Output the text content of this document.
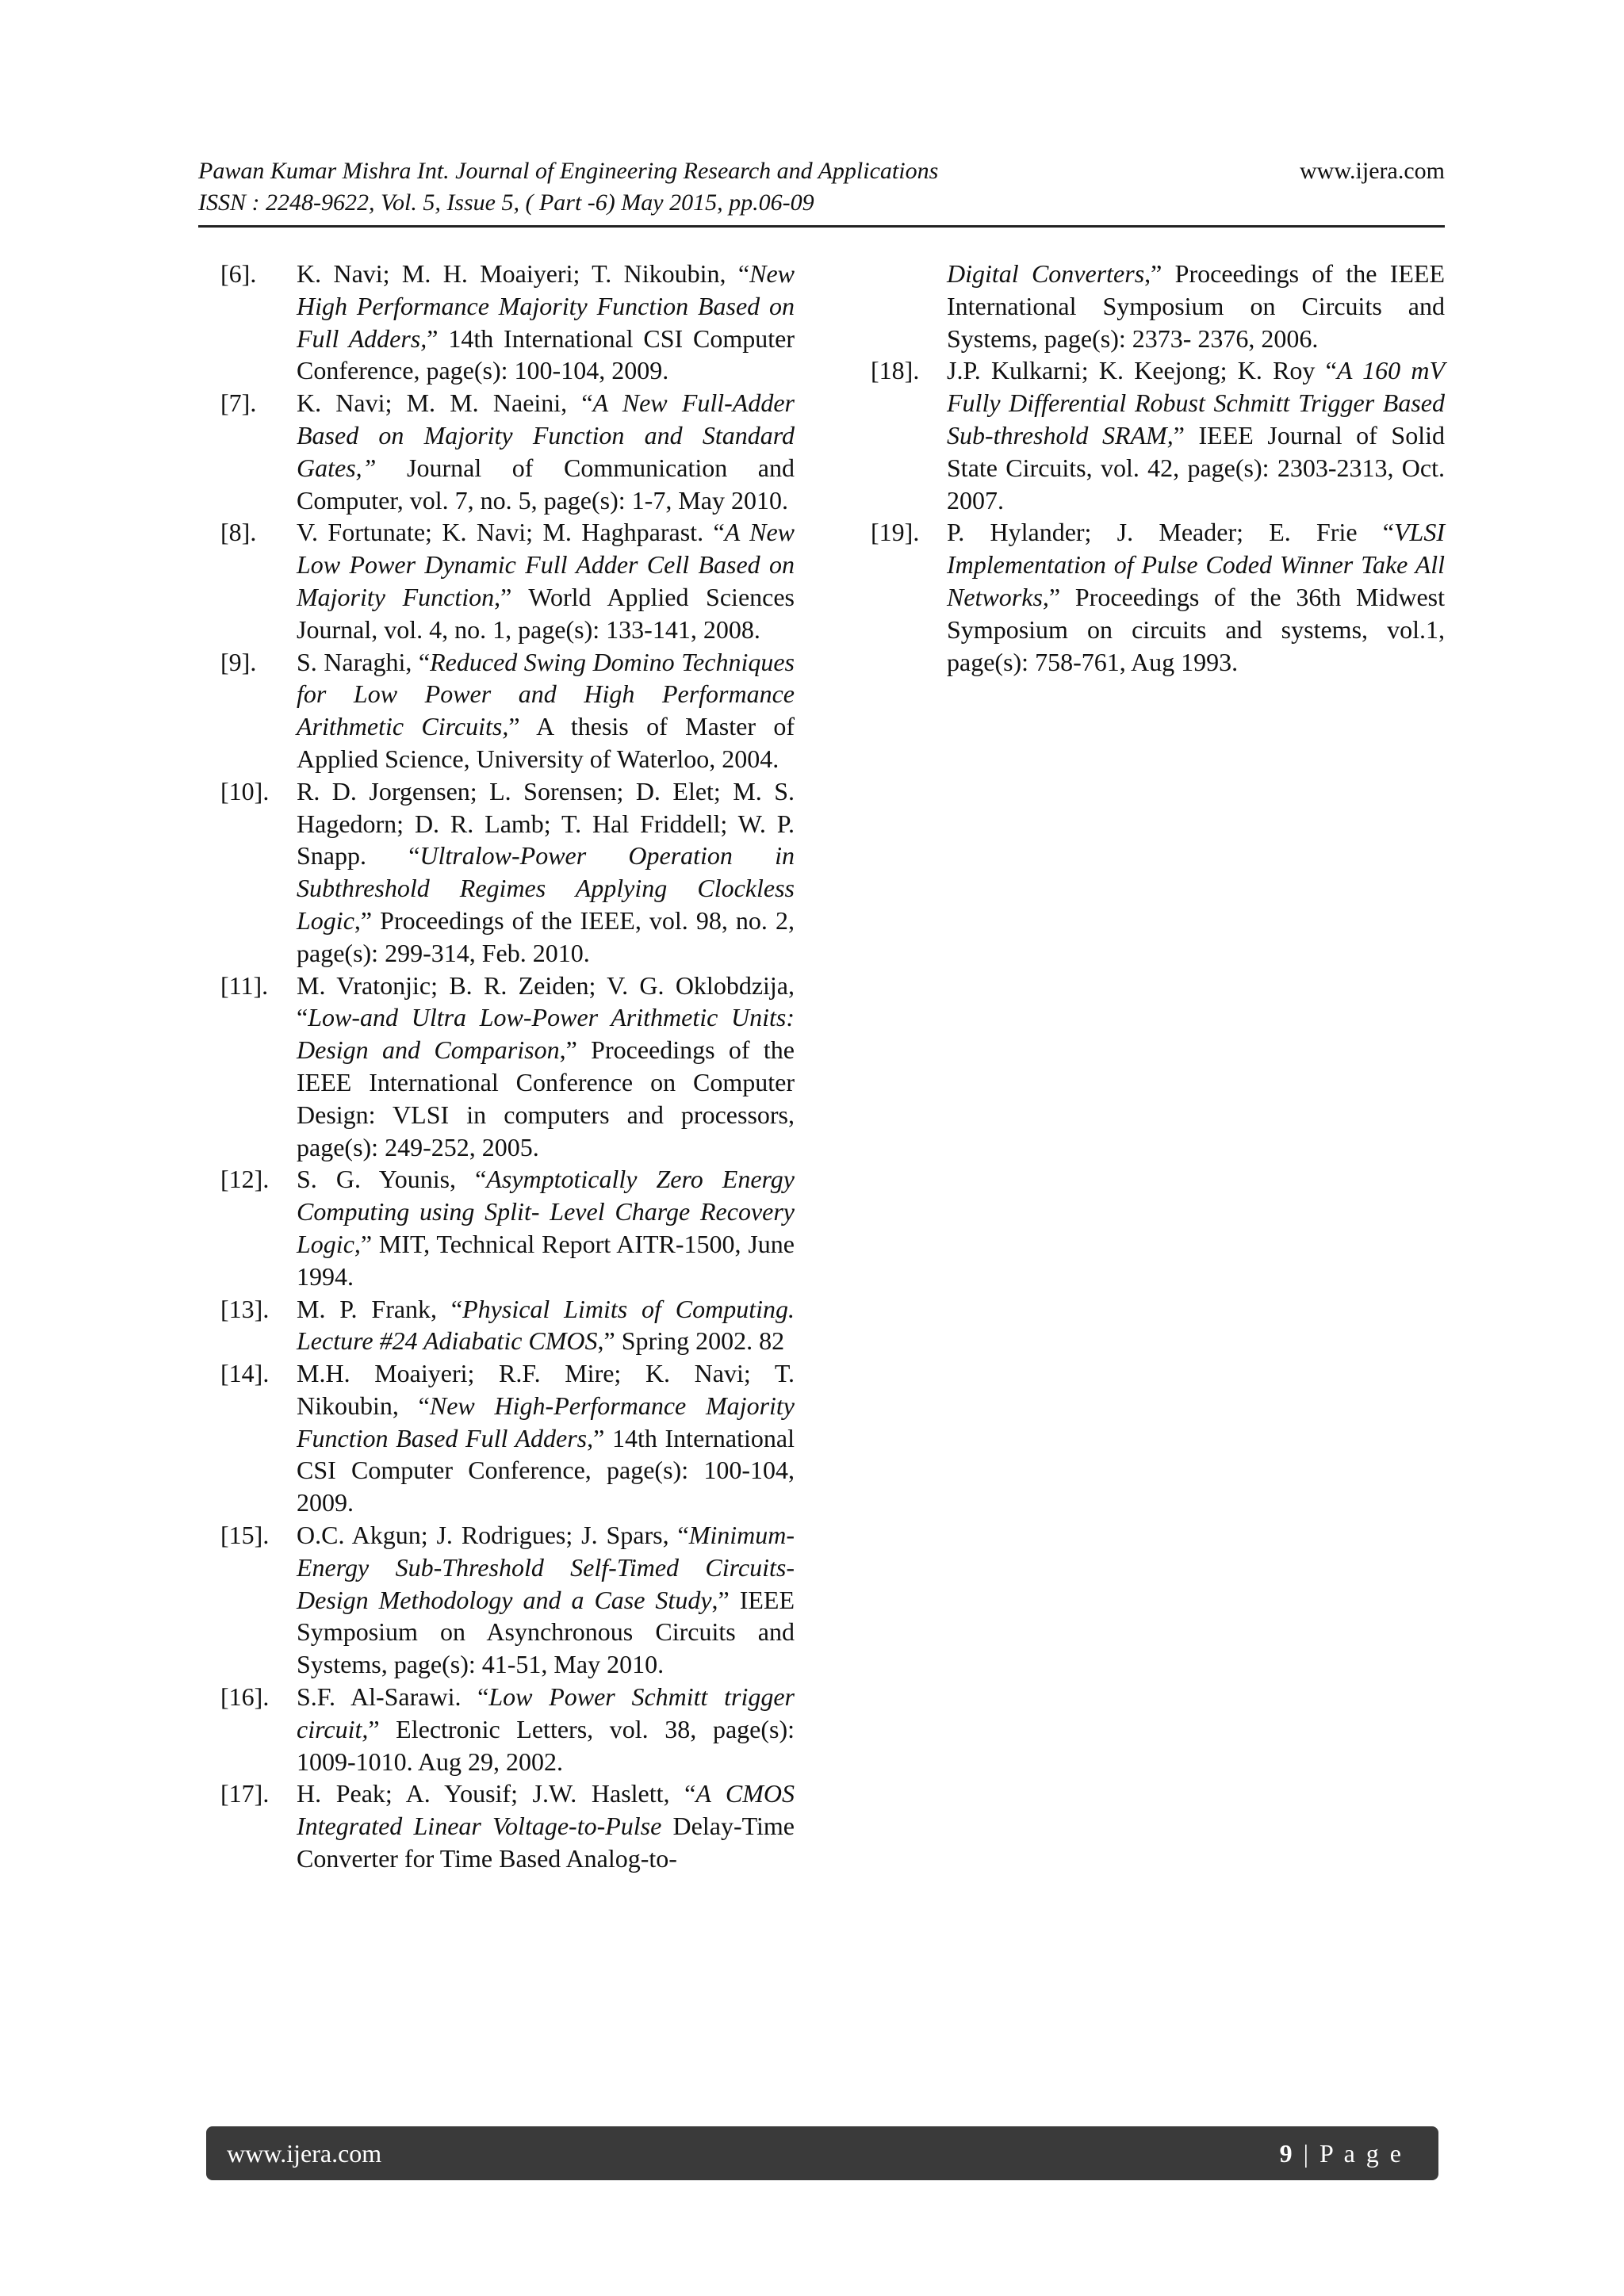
Pawan Kumar Mishra Int. Journal of Engineering Research and Applications	www.ijera.com
ISSN : 2248-9622, Vol. 5, Issue 5, ( Part -6) May 2015, pp.06-09
[6]. K. Navi; M. H. Moaiyeri; T. Nikoubin, “New High Performance Majority Function Based on Full Adders,” 14th International CSI Computer Conference, page(s): 100-104, 2009.
[7]. K. Navi; M. M. Naeini, “A New Full-Adder Based on Majority Function and Standard Gates,” Journal of Communication and Computer, vol. 7, no. 5, page(s): 1-7, May 2010.
[8]. V. Fortunate; K. Navi; M. Haghparast. “A New Low Power Dynamic Full Adder Cell Based on Majority Function,” World Applied Sciences Journal, vol. 4, no. 1, page(s): 133-141, 2008.
[9]. S. Naraghi, “Reduced Swing Domino Techniques for Low Power and High Performance Arithmetic Circuits,” A thesis of Master of Applied Science, University of Waterloo, 2004.
[10]. R. D. Jorgensen; L. Sorensen; D. Elet; M. S. Hagedorn; D. R. Lamb; T. Hal Friddell; W. P. Snapp. “Ultralow-Power Operation in Subthreshold Regimes Applying Clockless Logic,” Proceedings of the IEEE, vol. 98, no. 2, page(s): 299-314, Feb. 2010.
[11]. M. Vratonjic; B. R. Zeiden; V. G. Oklobdzija, “Low-and Ultra Low-Power Arithmetic Units: Design and Comparison,” Proceedings of the IEEE International Conference on Computer Design: VLSI in computers and processors, page(s): 249-252, 2005.
[12]. S. G. Younis, “Asymptotically Zero Energy Computing using Split- Level Charge Recovery Logic,” MIT, Technical Report AITR-1500, June 1994.
[13]. M. P. Frank, “Physical Limits of Computing. Lecture #24 Adiabatic CMOS,” Spring 2002. 82
[14]. M.H. Moaiyeri; R.F. Mire; K. Navi; T. Nikoubin, “New High-Performance Majority Function Based Full Adders,” 14th International CSI Computer Conference, page(s): 100-104, 2009.
[15]. O.C. Akgun; J. Rodrigues; J. Spars, “Minimum-Energy Sub-Threshold Self-Timed Circuits- Design Methodology and a Case Study,” IEEE Symposium on Asynchronous Circuits and Systems, page(s): 41-51, May 2010.
[16]. S.F. Al-Sarawi. “Low Power Schmitt trigger circuit,” Electronic Letters, vol. 38, page(s): 1009-1010. Aug 29, 2002.
[17]. H. Peak; A. Yousif; J.W. Haslett, “A CMOS Integrated Linear Voltage-to-Pulse Delay-Time Converter for Time Based Analog-to-
Digital Converters,” Proceedings of the IEEE International Symposium on Circuits and Systems, page(s): 2373- 2376, 2006.
[18]. J.P. Kulkarni; K. Keejong; K. Roy “A 160 mV Fully Differential Robust Schmitt Trigger Based Sub-threshold SRAM,” IEEE Journal of Solid State Circuits, vol. 42, page(s): 2303-2313, Oct. 2007.
[19]. P. Hylander; J. Meader; E. Frie “VLSI Implementation of Pulse Coded Winner Take All Networks,” Proceedings of the 36th Midwest Symposium on circuits and systems, vol.1, page(s): 758-761, Aug 1993.
www.ijera.com	9 | P a g e
